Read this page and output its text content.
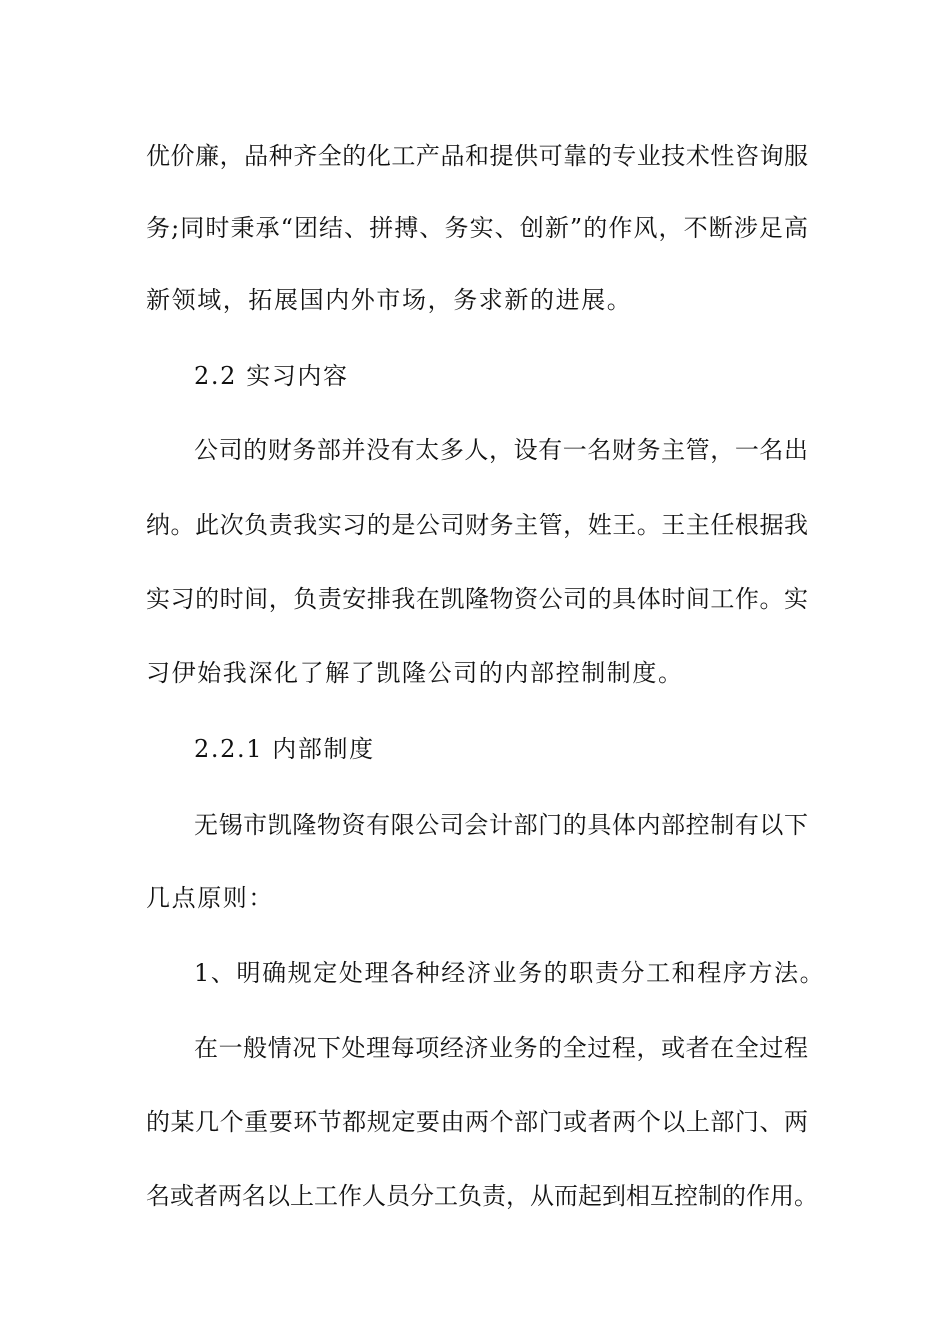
优价廉，品种齐全的化工产品和提供可靠的专业技术性咨询服
务;同时秉承“团结、拼搏、务实、创新”的作风，不断涉足高
新领域，拓展国内外市场，务求新的进展。
2.2 实习内容
公司的财务部并没有太多人，设有一名财务主管，一名出
纳。此次负责我实习的是公司财务主管，姓王。王主任根据我
实习的时间，负责安排我在凯隆物资公司的具体时间工作。实
习伊始我深化了解了凯隆公司的内部控制制度。
2.2.1 内部制度
无锡市凯隆物资有限公司会计部门的具体内部控制有以下
几点原则：
1、明确规定处理各种经济业务的职责分工和程序方法。
在一般情况下处理每项经济业务的全过程，或者在全过程
的某几个重要环节都规定要由两个部门或者两个以上部门、两
名或者两名以上工作人员分工负责，从而起到相互控制的作用。
